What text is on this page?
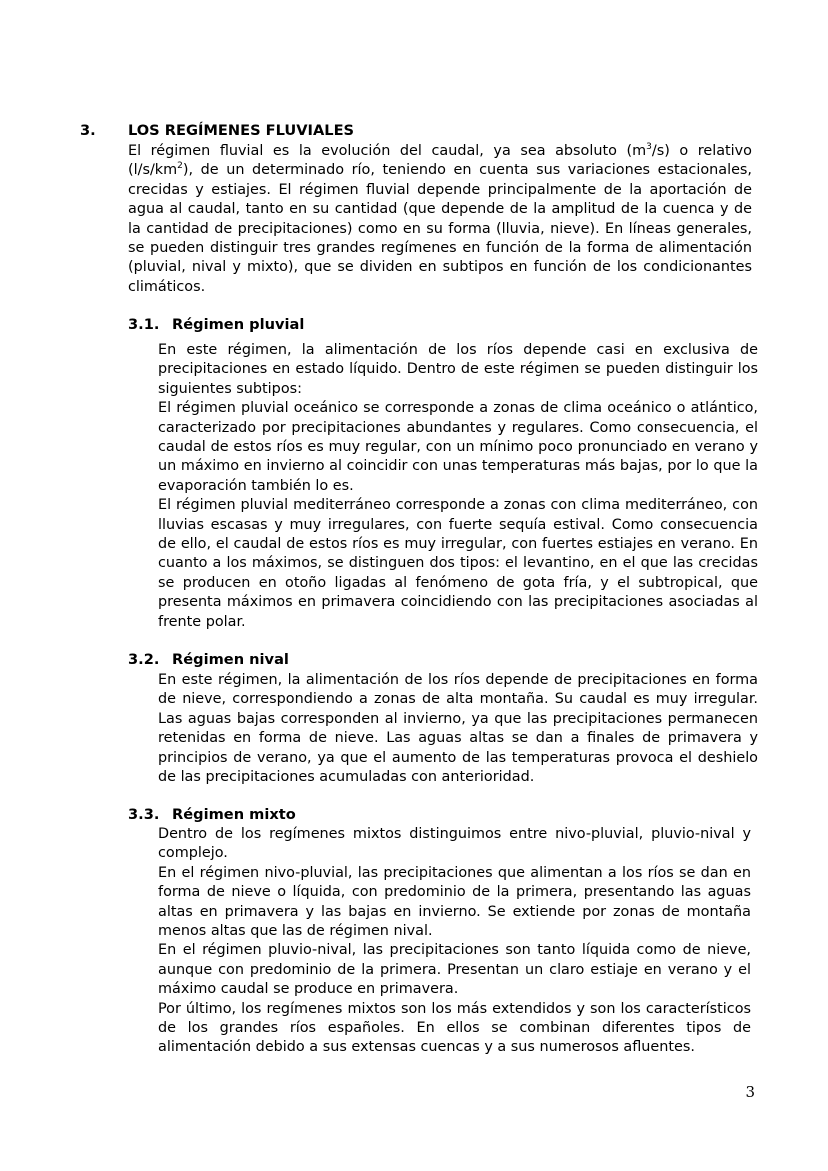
3. LOS REGÍMENES FLUVIALES

El régimen fluvial es la evolución del caudal, ya sea absoluto $(m^3/s)$ o relativo $(l/s/km^2)$, de un determinado río, teniendo en cuenta sus variaciones estacionales, crecidas y estiajes. El régimen fluvial depende principalmente de la aportación de agua al caudal, tanto en su cantidad (que depende de la amplitud de la cuenca y de la cantidad de precipitaciones) como en su forma (lluvia, nieve). En líneas generales, se pueden distinguir tres grandes regímenes en función de la forma de alimentación (pluvial, nival y mixto), que se dividen en subtipos en función de los condicionantes climáticos.

3.1. Régimen pluvial

En este régimen, la alimentación de los ríos depende casi en exclusiva de precipitaciones en estado líquido. Dentro de este régimen se pueden distinguir los siguientes subtipos:

El régimen pluvial oceánico se corresponde a zonas de clima oceánico o atlántico, caracterizado por precipitaciones abundantes y regulares. Como consecuencia, el caudal de estos ríos es muy regular, con un mínimo poco pronunciado en verano y un máximo en invierno al coincidir con unas temperaturas más bajas, por lo que la evaporación también lo es.

El régimen pluvial mediterráneo corresponde a zonas con clima mediterráneo, con lluvias escasas y muy irregulares, con fuerte sequía estival. Como consecuencia de ello, el caudal de estos ríos es muy irregular, con fuertes estiajes en verano. En cuanto a los máximos, se distinguen dos tipos: el levantino, en el que las crecidas se producen en otoño ligadas al fenómeno de gota fría, y el subtropical, que presenta máximos en primavera coincidiendo con las precipitaciones asociadas al frente polar.

3.2. Régimen nival

En este régimen, la alimentación de los ríos depende de precipitaciones en forma de nieve, correspondiendo a zonas de alta montaña. Su caudal es muy irregular. Las aguas bajas corresponden al invierno, ya que las precipitaciones permanecen retenidas en forma de nieve. Las aguas altas se dan a finales de primavera y principios de verano, ya que el aumento de las temperaturas provoca el deshielo de las precipitaciones acumuladas con anterioridad.

3.3. Régimen mixto

Dentro de los regímenes mixtos distinguimos entre nivo-pluvial, pluvio-nival y complejo.

En el régimen nivo-pluvial, las precipitaciones que alimentan a los ríos se dan en forma de nieve o líquida, con predominio de la primera, presentando las aguas altas en primavera y las bajas en invierno. Se extiende por zonas de montaña menos altas que las de régimen nival.

En el régimen pluvio-nival, las precipitaciones son tanto líquida como de nieve, aunque con predominio de la primera. Presentan un claro estiaje en verano y el máximo caudal se produce en primavera.

Por último, los regímenes mixtos son los más extendidos y son los característicos de los grandes ríos españoles. En ellos se combinan diferentes tipos de alimentación debido a sus extensas cuencas y a sus numerosos afluentes.

3
